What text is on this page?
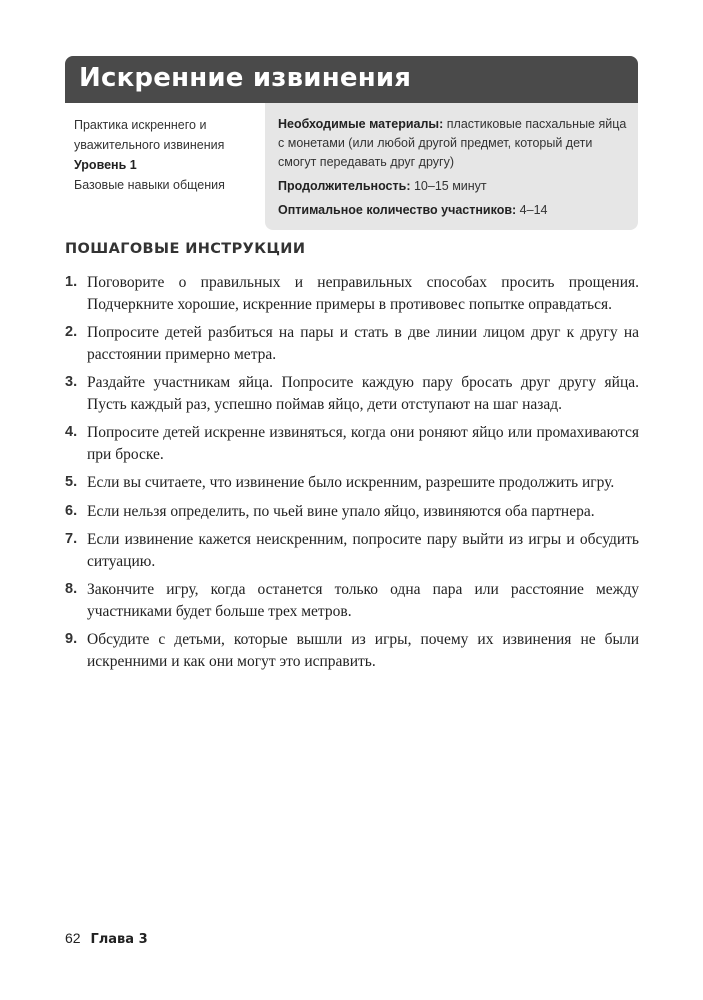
Искренние извинения
Практика искреннего и
уважительного извинения
Уровень 1
Базовые навыки общения
Необходимые материалы: пластиковые пасхальные яйца с монетами (или любой другой предмет, который дети смогут передавать друг другу)
Продолжительность: 10–15 минут
Оптимальное количество участников: 4–14
ПОШАГОВЫЕ ИНСТРУКЦИИ
1. Поговорите о правильных и неправильных способах просить прощения. Подчеркните хорошие, искренние примеры в противовес попытке оправдаться.
2. Попросите детей разбиться на пары и стать в две линии лицом друг к другу на расстоянии примерно метра.
3. Раздайте участникам яйца. Попросите каждую пару бросать друг другу яйца. Пусть каждый раз, успешно поймав яйцо, дети отступают на шаг назад.
4. Попросите детей искренне извиняться, когда они роняют яйцо или промахиваются при броске.
5. Если вы считаете, что извинение было искренним, разрешите продолжить игру.
6. Если нельзя определить, по чьей вине упало яйцо, извиняются оба партнера.
7. Если извинение кажется неискренним, попросите пару выйти из игры и обсудить ситуацию.
8. Закончите игру, когда останется только одна пара или расстояние между участниками будет больше трех метров.
9. Обсудите с детьми, которые вышли из игры, почему их извинения не были искренними и как они могут это исправить.
62 Глава 3
